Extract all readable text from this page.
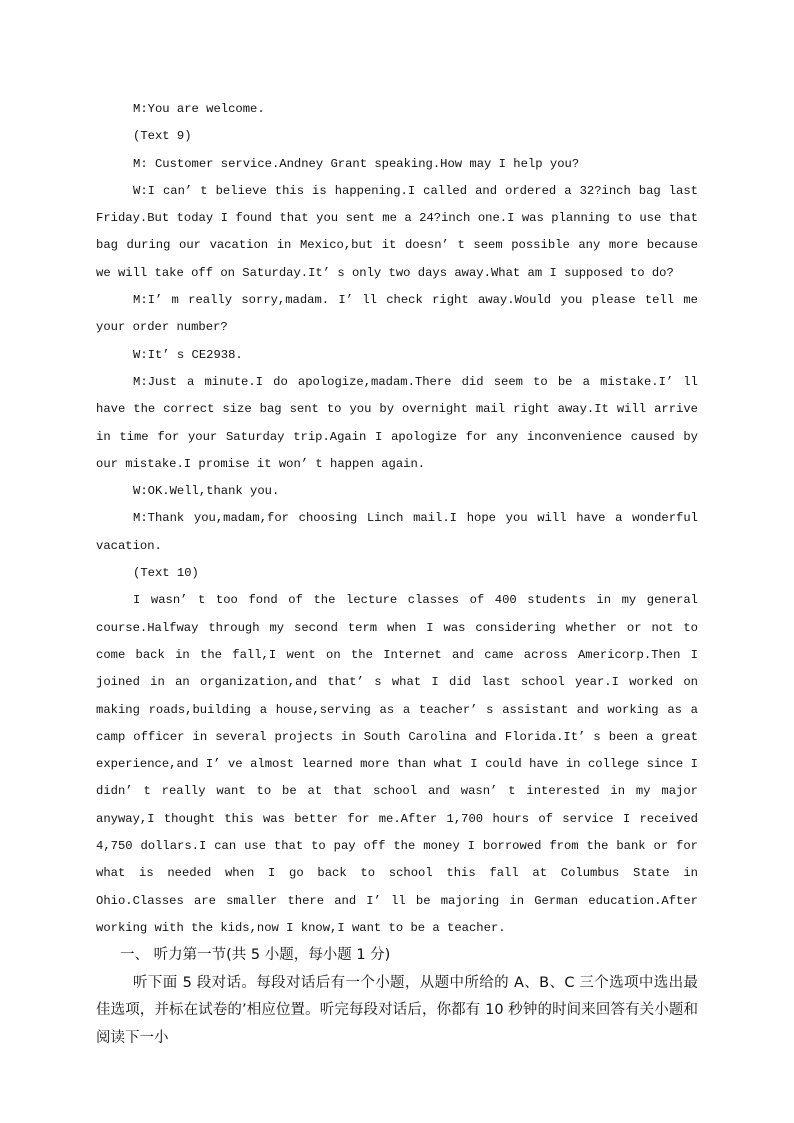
M:You are welcome.

(Text 9)

M: Customer service.Andney Grant speaking.How may I help you?

W:I can’ t believe this is happening.I called and ordered a 32?inch bag last Friday.But today I found that you sent me a 24?inch one.I was planning to use that bag during our vacation in Mexico,but it doesn’ t seem possible any more because we will take off on Saturday.It’ s only two days away.What am I supposed to do?

M:I’ m really sorry,madam. I’ ll check right away.Would you please tell me your order number?

W:It’ s CE2938.

M:Just a minute.I do apologize,madam.There did seem to be a mistake.I’ ll have the correct size bag sent to you by overnight mail right away.It will arrive in time for your Saturday trip.Again I apologize for any inconvenience caused by our mistake.I promise it won’ t happen again.

W:OK.Well,thank you.

M:Thank you,madam,for choosing Linch mail.I hope you will have a wonderful vacation.

(Text 10)

I wasn’ t too fond of the lecture classes of 400 students in my general course.Halfway through my second term when I was considering whether or not to come back in the fall,I went on the Internet and came across Americorp.Then I joined in an organization,and that’ s what I did last school year.I worked on making roads,building a house,serving as a teacher’ s assistant and working as a camp officer in several projects in South Carolina and Florida.It’ s been a great experience,and I’ ve almost learned more than what I could have in college since I didn’ t really want to be at that school and wasn’ t interested in my major anyway,I thought this was better for me.After 1,700 hours of service I received 4,750 dollars.I can use that to pay off the money I borrowed from the bank or for what is needed when I go back to school this fall at Columbus State in Ohio.Classes are smaller there and I’ ll be majoring in German education.After working with the kids,now I know,I want to be a teacher.

一、 听力第一节(共 5 小题，每小题 1 分)

听下面 5 段对话。每段对话后有一个小题，从题中所给的 A、B、C 三个选项中选出最佳选项，并标在试卷的’相应位置。听完每段对话后，你都有 10 秒钟的时间来回答有关小题和阅读下一小
